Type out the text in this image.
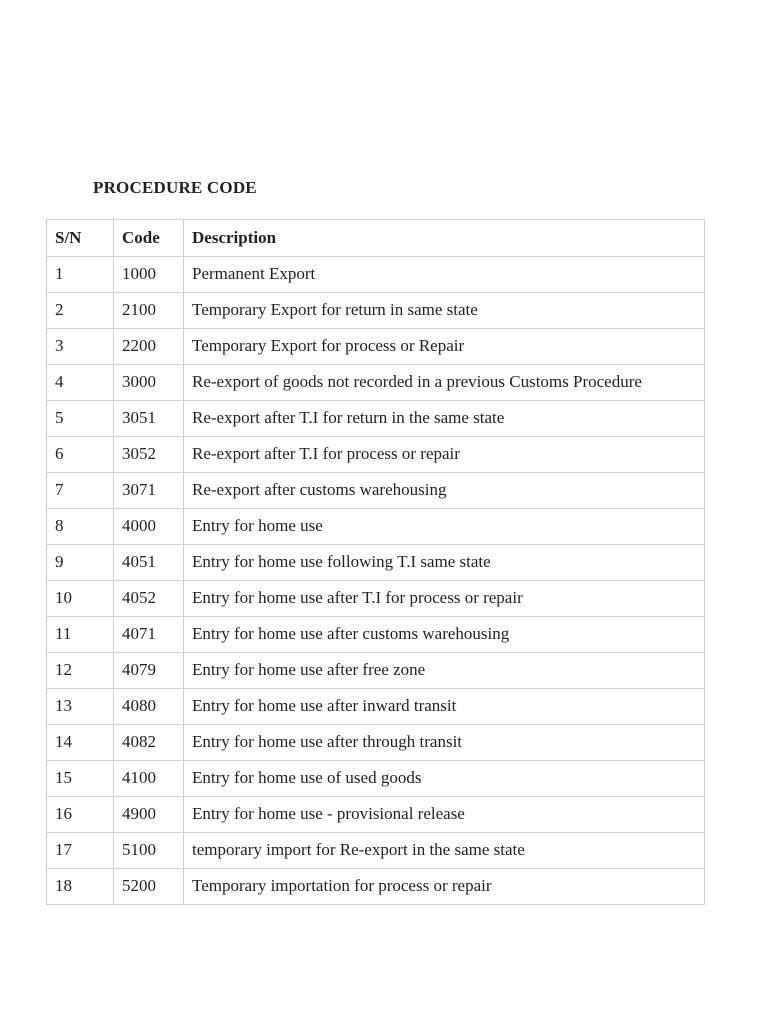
PROCEDURE CODE
S/N	Code	Description
1	1000	Permanent Export
2	2100	Temporary Export for return in same state
3	2200	Temporary Export for process or Repair
4	3000	Re-export of goods not recorded in a previous Customs Procedure
5	3051	Re-export after T.I for return in the same state
6	3052	Re-export after T.I for process or repair
7	3071	Re-export after customs warehousing
8	4000	Entry for home use
9	4051	Entry for home use following T.I same state
10	4052	Entry for home use after T.I for process or repair
11	4071	Entry for home use after customs warehousing
12	4079	Entry for home use after free zone
13	4080	Entry for home use after inward transit
14	4082	Entry for home use after through transit
15	4100	Entry for home use of used goods
16	4900	Entry for home use - provisional release
17	5100	temporary import for Re-export in the same state
18	5200	Temporary importation for process or repair
